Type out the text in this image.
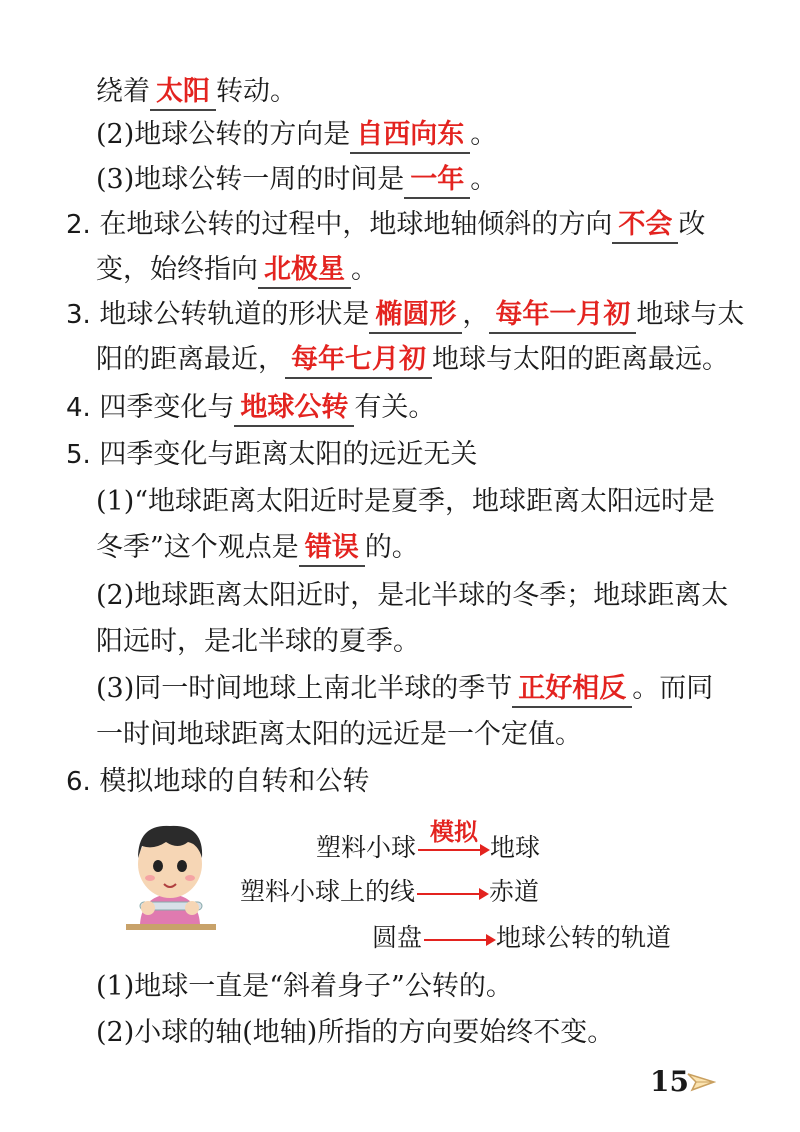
绕着 太阳 转动。
(2)地球公转的方向是 自西向东 。
(3)地球公转一周的时间是 一年 。
2. 在地球公转的过程中，地球地轴倾斜的方向 不会 改
变，始终指向 北极星 。
3. 地球公转轨道的形状是 椭圆形 ， 每年一月初 地球与太
阳的距离最近， 每年七月初 地球与太阳的距离最远。
4. 四季变化与 地球公转 有关。
5. 四季变化与距离太阳的远近无关
(1)“地球距离太阳近时是夏季，地球距离太阳远时是
冬季”这个观点是 错误 的。
(2)地球距离太阳近时，是北半球的冬季；地球距离太
阳远时，是北半球的夏季。
(3)同一时间地球上南北半球的季节 正好相反 。而同
一时间地球距离太阳的远近是一个定值。
6. 模拟地球的自转和公转
模拟
塑料小球	地球
塑料小球上的线	赤道
圆盘	地球公转的轨道
(1)地球一直是“斜着身子”公转的。
(2)小球的轴(地轴)所指的方向要始终不变。
15
